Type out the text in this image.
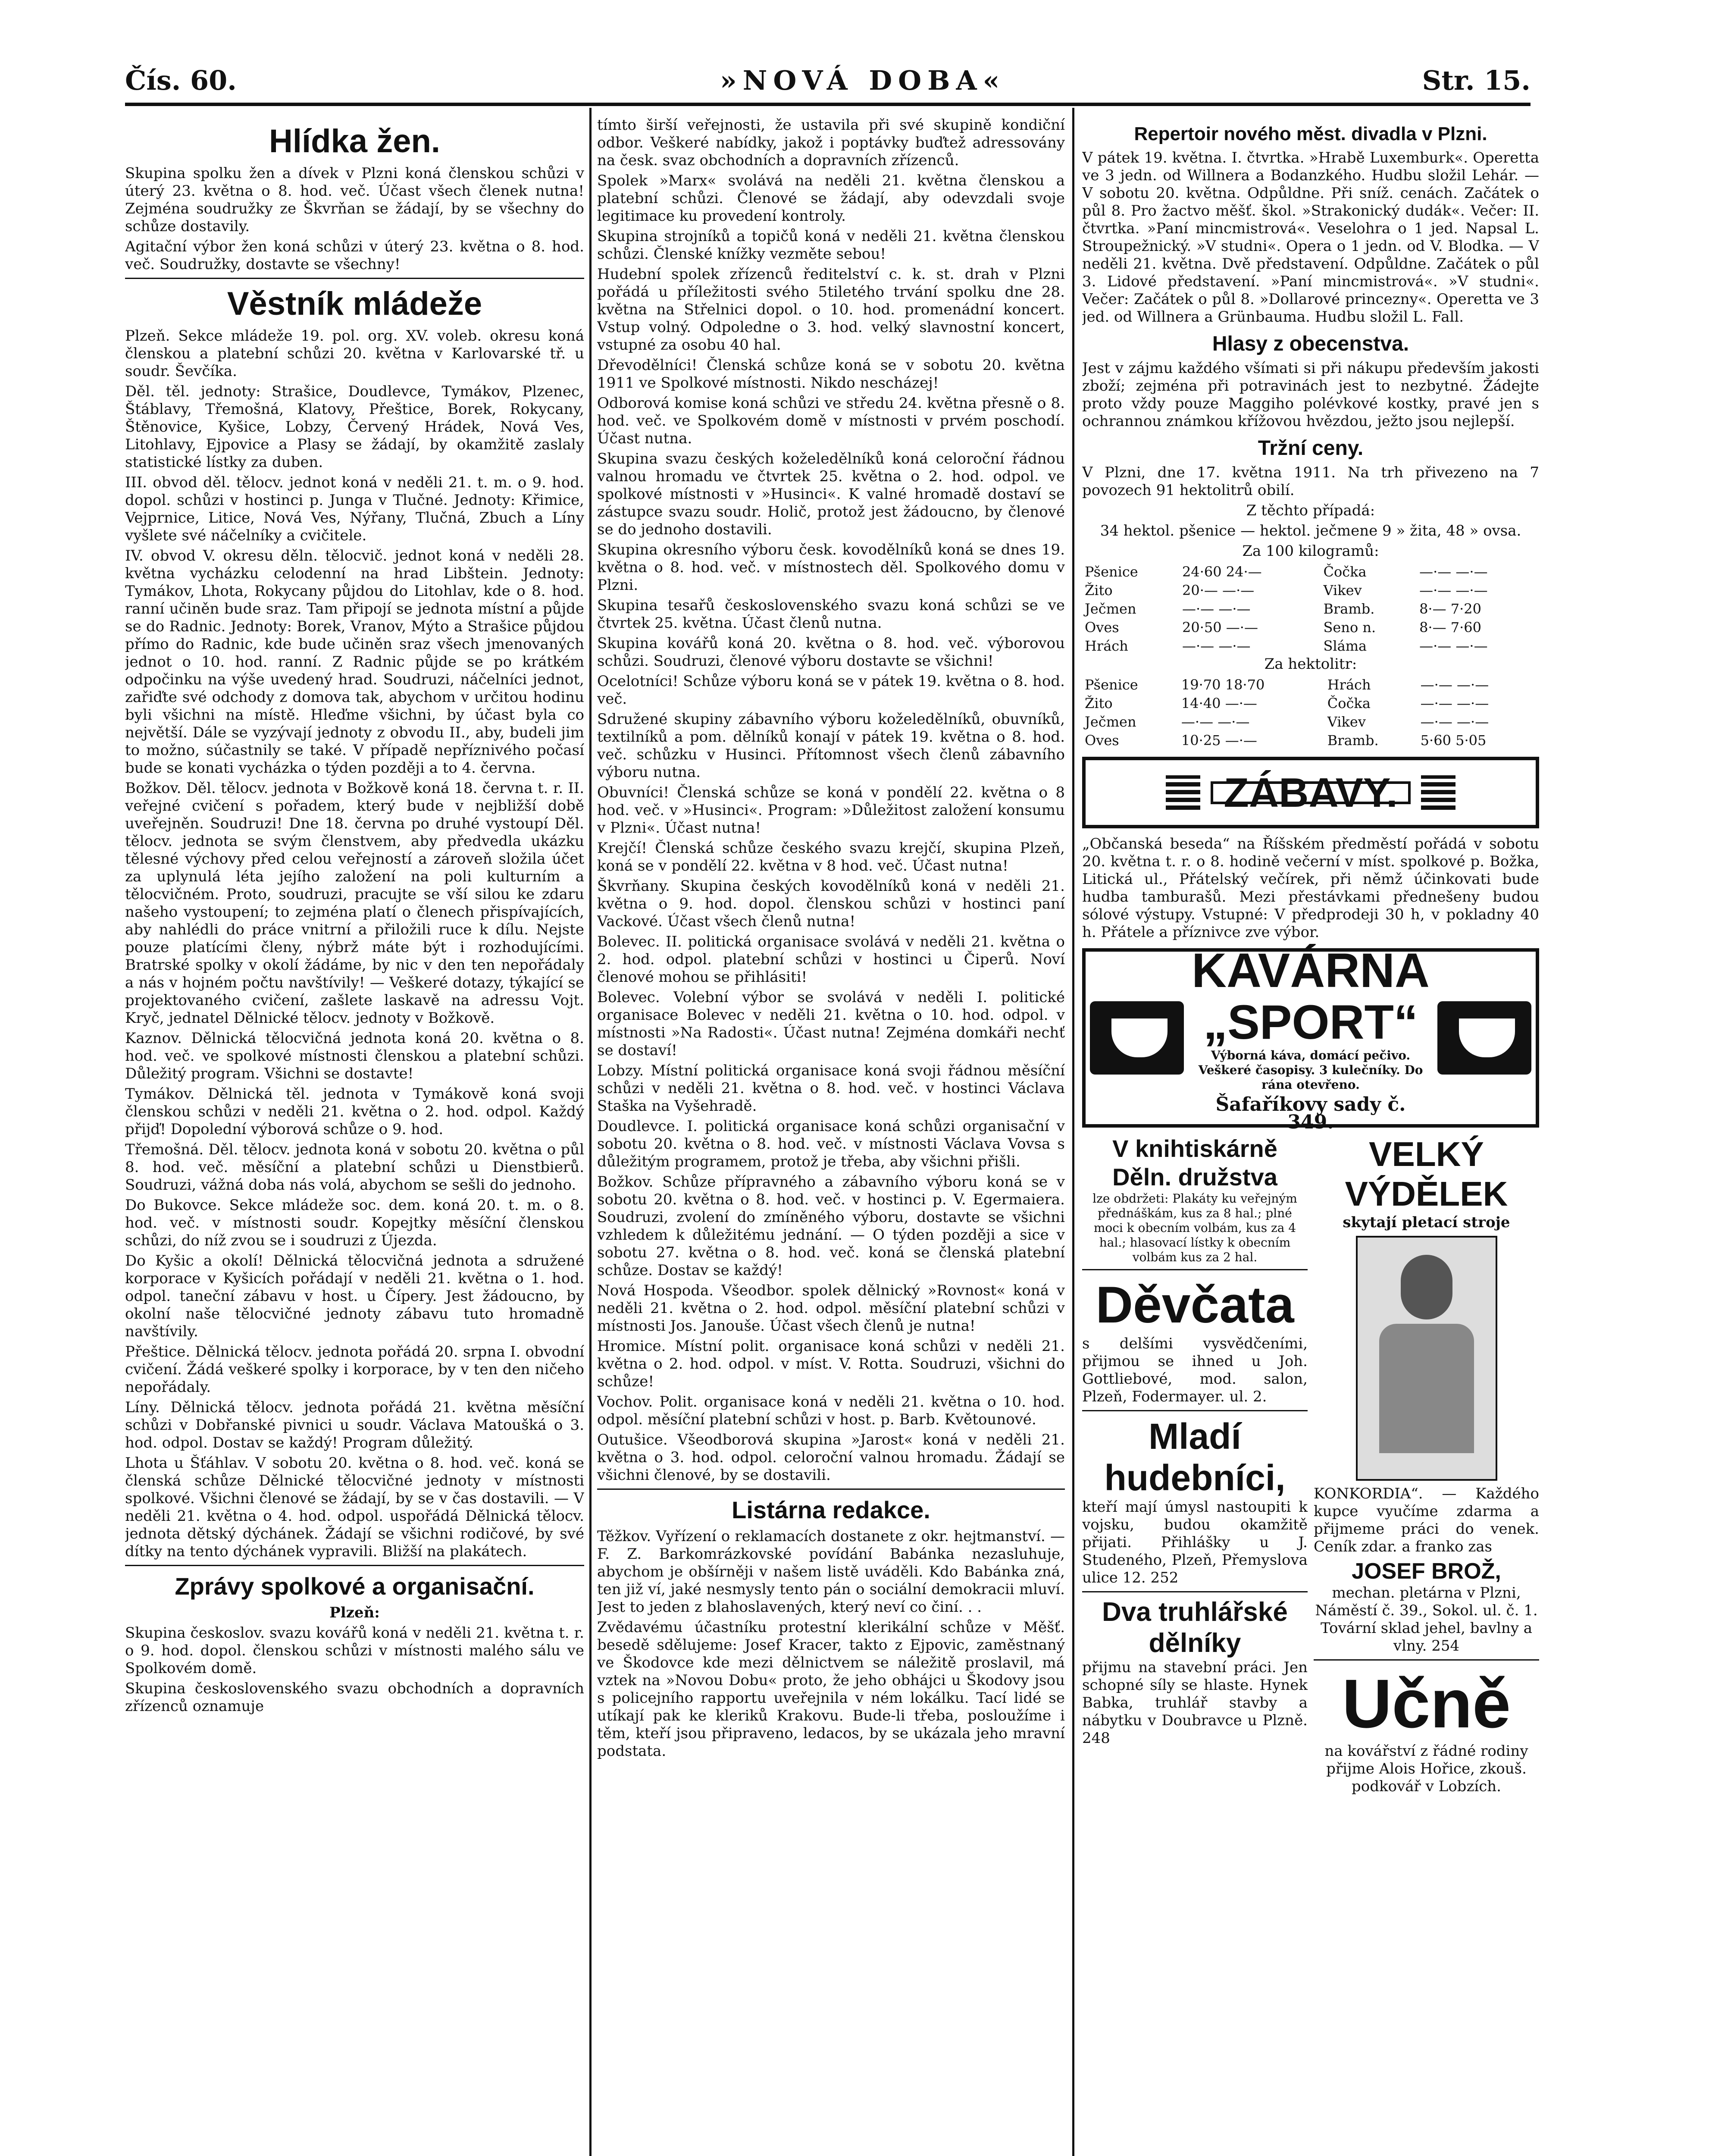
Čís. 60.	»NOVÁ DOBA«	Str. 15.
Hlídka žen.

Skupina spolku žen a dívek v Plzni koná členskou schůzi v úterý 23. května o 8. hod. več. Účast všech členek nutna! Zejména soudružky ze Škvrňan se žádají, by se všechny do schůze dostavily.

Agitační výbor žen koná schůzi v úterý 23. května o 8. hod. več. Soudružky, dostavte se všechny!

Věstník mládeže

Plzeň. Sekce mládeže 19. pol. org. XV. voleb. okresu koná členskou a platební schůzi 20. května v Karlovarské tř. u soudr. Ševčíka.

Děl. těl. jednoty: Strašice, Doudlevce, Tymákov, Plzenec, Štáblavy, Třemošná, Klatovy, Přeštice, Borek, Rokycany, Štěnovice, Kyšice, Lobzy, Červený Hrádek, Nová Ves, Litohlavy, Ejpovice a Plasy se žádají, by okamžitě zaslaly statistické lístky za duben.

III. obvod děl. tělocv. jednot koná v neděli 21. t. m. o 9. hod. dopol. schůzi v hostinci p. Junga v Tlučné. Jednoty: Křimice, Vejprnice, Litice, Nová Ves, Nýřany, Tlučná, Zbuch a Líny vyšlete své náčelníky a cvičitele.

IV. obvod V. okresu děln. tělocvič. jednot koná v neděli 28. května vycházku celodenní na hrad Libštein. Jednoty: Tymákov, Lhota, Rokycany půjdou do Litohlav, kde o 8. hod. ranní učiněn bude sraz. Tam připojí se jednota místní a půjde se do Radnic. Jednoty: Borek, Vranov, Mýto a Strašice půjdou přímo do Radnic, kde bude učiněn sraz všech jmenovaných jednot o 10. hod. ranní. Z Radnic půjde se po krátkém odpočinku na výše uvedený hrad. Soudruzi, náčelníci jednot, zařiďte své odchody z domova tak, abychom v určitou hodinu byli všichni na místě. Hleďme všichni, by účast byla co největší. Dále se vyzývají jednoty z obvodu II., aby, budeli jim to možno, súčastnily se také. V případě nepříznivého počasí bude se konati vycházka o týden později a to 4. června.

Božkov. Děl. tělocv. jednota v Božkově koná 18. června t. r. II. veřejné cvičení s pořadem, který bude v nejbližší době uveřejněn. Soudruzi! Dne 18. června po druhé vystoupí Děl. tělocv. jednota se svým členstvem, aby předvedla ukázku tělesné výchovy před celou veřejností a zároveň složila účet za uplynulá léta jejího založení na poli kulturním a tělocvičném. Proto, soudruzi, pracujte se vší silou ke zdaru našeho vystoupení; to zejména platí o členech přispívajících, aby nahlédli do práce vnitrní a přiložili ruce k dílu. Nejste pouze platícími členy, nýbrž máte být i rozhodujícími. Bratrské spolky v okolí žádáme, by nic v den ten nepořádaly a nás v hojném počtu navštívily! — Veškeré dotazy, týkající se projektovaného cvičení, zašlete laskavě na adressu Vojt. Kryč, jednatel Dělnické tělocv. jednoty v Božkově.

Kaznov. Dělnická tělocvičná jednota koná 20. května o 8. hod. več. ve spolkové místnosti členskou a platební schůzi. Důležitý program. Všichni se dostavte!

Tymákov. Dělnická těl. jednota v Tymákově koná svoji členskou schůzi v neděli 21. května o 2. hod. odpol. Každý přijď! Dopolední výborová schůze o 9. hod.

Třemošná. Děl. tělocv. jednota koná v sobotu 20. května o půl 8. hod. več. měsíční a platební schůzi u Dienstbierů. Soudruzi, vážná doba nás volá, abychom se sešli do jednoho.

Do Bukovce. Sekce mládeže soc. dem. koná 20. t. m. o 8. hod. več. v místnosti soudr. Kopejtky měsíční členskou schůzi, do níž zvou se i soudruzi z Újezda.

Do Kyšic a okolí! Dělnická tělocvičná jednota a sdružené korporace v Kyšicích pořádají v neděli 21. května o 1. hod. odpol. taneční zábavu v host. u Čípery. Jest žádoucno, by okolní naše tělocvičné jednoty zábavu tuto hromadně navštívily.

Přeštice. Dělnická tělocv. jednota pořádá 20. srpna I. obvodní cvičení. Žádá veškeré spolky i korporace, by v ten den ničeho nepořádaly.

Líny. Dělnická tělocv. jednota pořádá 21. května měsíční schůzi v Dobřanské pivnici u soudr. Václava Matoušká o 3. hod. odpol. Dostav se každý! Program důležitý.

Lhota u Šťáhlav. V sobotu 20. května o 8. hod. več. koná se členská schůze Dělnické tělocvičné jednoty v místnosti spolkové. Všichni členové se žádají, by se v čas dostavili. — V neděli 21. května o 4. hod. odpol. uspořádá Dělnická tělocv. jednota dětský dýchánek. Žádají se všichni rodičové, by své dítky na tento dýchánek vypravili. Bližší na plakátech.

Zprávy spolkové a organisační.

Plzeň:

Skupina českoslov. svazu kovářů koná v neděli 21. května t. r. o 9. hod. dopol. členskou schůzi v místnosti malého sálu ve Spolkovém domě.

Skupina československého svazu obchodních a dopravních zřízenců oznamuje

tímto širší veřejnosti, že ustavila při své skupině kondiční odbor. Veškeré nabídky, jakož i poptávky buďtež adressovány na česk. svaz obchodních a dopravních zřízenců.

Spolek »Marx« svolává na neděli 21. května členskou a platební schůzi. Členové se žádají, aby odevzdali svoje legitimace ku provedení kontroly.

Skupina strojníků a topičů koná v neděli 21. května členskou schůzi. Členské knížky vezměte sebou!

Hudební spolek zřízenců ředitelství c. k. st. drah v Plzni pořádá u příležitosti svého 5tiletého trvání spolku dne 28. května na Střelnici dopol. o 10. hod. promenádní koncert. Vstup volný. Odpoledne o 3. hod. velký slavnostní koncert, vstupné za osobu 40 hal.

Dřevodělníci! Členská schůze koná se v sobotu 20. května 1911 ve Spolkové místnosti. Nikdo nescházej!

Odborová komise koná schůzi ve středu 24. května přesně o 8. hod. več. ve Spolkovém domě v místnosti v prvém poschodí. Účast nutna.

Skupina svazu českých koželedělníků koná celoroční řádnou valnou hromadu ve čtvrtek 25. května o 2. hod. odpol. ve spolkové místnosti v »Husinci«. K valné hromadě dostaví se zástupce svazu soudr. Holič, protož jest žádoucno, by členové se do jednoho dostavili.

Skupina okresního výboru česk. kovodělníků koná se dnes 19. května o 8. hod. več. v místnostech děl. Spolkového domu v Plzni.

Skupina tesařů československého svazu koná schůzi se ve čtvrtek 25. května. Účast členů nutna.

Skupina kovářů koná 20. května o 8. hod. več. výborovou schůzi. Soudruzi, členové výboru dostavte se všichni!

Ocelotníci! Schůze výboru koná se v pátek 19. května o 8. hod. več.

Sdružené skupiny zábavního výboru koželedělníků, obuvníků, textilníků a pom. dělníků konají v pátek 19. května o 8. hod. več. schůzku v Husinci. Přítomnost všech členů zábavního výboru nutna.

Obuvníci! Členská schůze se koná v pondělí 22. května o 8 hod. več. v »Husinci«. Program: »Důležitost založení konsumu v Plzni«. Účast nutna!

Krejčí! Členská schůze českého svazu krejčí, skupina Plzeň, koná se v pondělí 22. května v 8 hod. več. Účast nutna!

Škvrňany. Skupina českých kovodělníků koná v neděli 21. května o 9. hod. dopol. členskou schůzi v hostinci paní Vackové. Účast všech členů nutna!

Bolevec. II. politická organisace svolává v neděli 21. května o 2. hod. odpol. platební schůzi v hostinci u Čiperů. Noví členové mohou se přihlásiti!

Bolevec. Volební výbor se svolává v neděli I. politické organisace Bolevec v neděli 21. května o 10. hod. odpol. v místnosti »Na Radosti«. Účast nutna! Zejména domkáři nechť se dostaví!

Lobzy. Místní politická organisace koná svoji řádnou měsíční schůzi v neděli 21. května o 8. hod. več. v hostinci Václava Staška na Vyšehradě.

Doudlevce. I. politická organisace koná schůzi organisační v sobotu 20. května o 8. hod. več. v místnosti Václava Vovsa s důležitým programem, protož je třeba, aby všichni přišli.

Božkov. Schůze přípravného a zábavního výboru koná se v sobotu 20. května o 8. hod. več. v hostinci p. V. Egermaiera. Soudruzi, zvolení do zmíněného výboru, dostavte se všichni vzhledem k důležitému jednání. — O týden později a sice v sobotu 27. května o 8. hod. več. koná se členská platební schůze. Dostav se každý!

Nová Hospoda. Všeodbor. spolek dělnický »Rovnost« koná v neděli 21. května o 2. hod. odpol. měsíční platební schůzi v místnosti Jos. Janouše. Účast všech členů je nutna!

Hromice. Místní polit. organisace koná schůzi v neděli 21. května o 2. hod. odpol. v míst. V. Rotta. Soudruzi, všichni do schůze!

Vochov. Polit. organisace koná v neděli 21. května o 10. hod. odpol. měsíční platební schůzi v host. p. Barb. Květounové.

Outušice. Všeodborová skupina »Jarost« koná v neděli 21. května o 3. hod. odpol. celoroční valnou hromadu. Žádají se všichni členové, by se dostavili.

Listárna redakce.

Těžkov. Vyřízení o reklamacích dostanete z okr. hejtmanství. — F. Z. Barkomrázkovské povídání Babánka nezasluhuje, abychom je obšírněji v našem listě uváděli. Kdo Babánka zná, ten již ví, jaké nesmysly tento pán o sociální demokracii mluví. Jest to jeden z blahoslavených, který neví co činí. . .

Zvědavému účastníku protestní klerikální schůze v Měšť. besedě sdělujeme: Josef Kracer, takto z Ejpovic, zaměstnaný ve Škodovce kde mezi dělnictvem se náležitě proslavil, má vztek na »Novou Dobu« proto, že jeho obhájci u Škodovy jsou s policejního rapportu uveřejnila v ném lokálku. Tací lidé se utíkají pak ke kleriků Krakovu. Bude-li třeba, posloužíme i těm, kteří jsou připraveno, ledacos, by se ukázala jeho mravní podstata.

Repertoir nového měst. divadla v Plzni.

V pátek 19. května. I. čtvrtka. »Hrabě Luxemburk«. Operetta ve 3 jedn. od Willnera a Bodanzkého. Hudbu složil Lehár. — V sobotu 20. května. Odpůldne. Při sníž. cenách. Začátek o půl 8. Pro žactvo měšť. škol. »Strakonický dudák«. Večer: II. čtvrtka. »Paní mincmistrová«. Veselohra o 1 jed. Napsal L. Stroupežnický. »V studni«. Opera o 1 jedn. od V. Blodka. — V neděli 21. května. Dvě představení. Odpůldne. Začátek o půl 3. Lidové představení. »Paní mincmistrová«. »V studni«. Večer: Začátek o půl 8. »Dollarové princezny«. Operetta ve 3 jed. od Willnera a Grünbauma. Hudbu složil L. Fall.

Hlasy z obecenstva.

Jest v zájmu každého všímati si při nákupu především jakosti zboží; zejména při potravinách jest to nezbytné. Žádejte proto vždy pouze Maggiho polévkové kostky, pravé jen s ochrannou známkou křížovou hvězdou, ježto jsou nejlepší.

Tržní ceny.

V Plzni, dne 17. května 1911. Na trh přivezeno na 7 povozech 91 hektolitrů obilí.

Z těchto případá:

34 hektol. pšenice — hektol. ječmene 9 » žita, 48 » ovsa.

Za 100 kilogramů:

Pšenice	24·60 24·—	Čočka	—·— —·—
Žito	20·— —·—	Vikev	—·— —·—
Ječmen	—·— —·—	Bramb.	8·— 7·20
Oves	20·50 —·—	Seno n.	8·— 7·60
Hrách	—·— —·—	Sláma	—·— —·—

Za hektolitr:

Pšenice	19·70 18·70	Hrách	—·— —·—
Žito	14·40 —·—	Čočka	—·— —·—
Ječmen	—·— —·—	Vikev	—·— —·—
Oves	10·25 —·—	Bramb.	5·60 5·05
ZÁBAVY.

„Občanská beseda“ na Říšském předměstí pořádá v sobotu 20. května t. r. o 8. hodině večerní v míst. spolkové p. Božka, Litická ul., Přátelský večírek, při němž účinkovati bude hudba tamburašů. Mezi přestávkami přednešeny budou sólové výstupy. Vstupné: V předprodeji 30 h, v pokladny 40 h. Přátele a příznivce zve výbor.

KAVÁRNA
„SPORT“
Výborná káva, domácí pečivo. Veškeré časopisy. 3 kulečníky. Do rána otevřeno.
Šafaříkovy sady č. 349.
V knihtiskárně Děln. družstva

lze obdržeti: Plakáty ku veřejným přednáškám, kus za 8 hal.; plné moci k obecním volbám, kus za 4 hal.; hlasovací lístky k obecním volbám kus za 2 hal.

Děvčata

s delšími vysvědčeními, přijmou se ihned u Joh. Gottliebové, mod. salon, Plzeň, Fodermayer. ul. 2.

Mladí hudebníci,

kteří mají úmysl nastoupiti k vojsku, budou okamžitě přijati. Přihlášky u J. Studeného, Plzeň, Přemyslova ulice 12. 252

Dva truhlářské dělníky

přijmu na stavební práci. Jen schopné síly se hlaste. Hynek Babka, truhlář stavby a nábytku v Doubravce u Plzně. 248

VELKÝ VÝDĚLEK

skytají pletací stroje

KONKORDIA“. — Každého kupce vyučíme zdarma a přijmeme práci do venek. Ceník zdar. a franko zas

JOSEF BROŽ,

mechan. pletárna v Plzni, Náměstí č. 39., Sokol. ul. č. 1. Tovární sklad jehel, bavlny a vlny. 254

Učně

na kovářství z řádné rodiny přijme Alois Hořice, zkouš. podkovář v Lobzích.
